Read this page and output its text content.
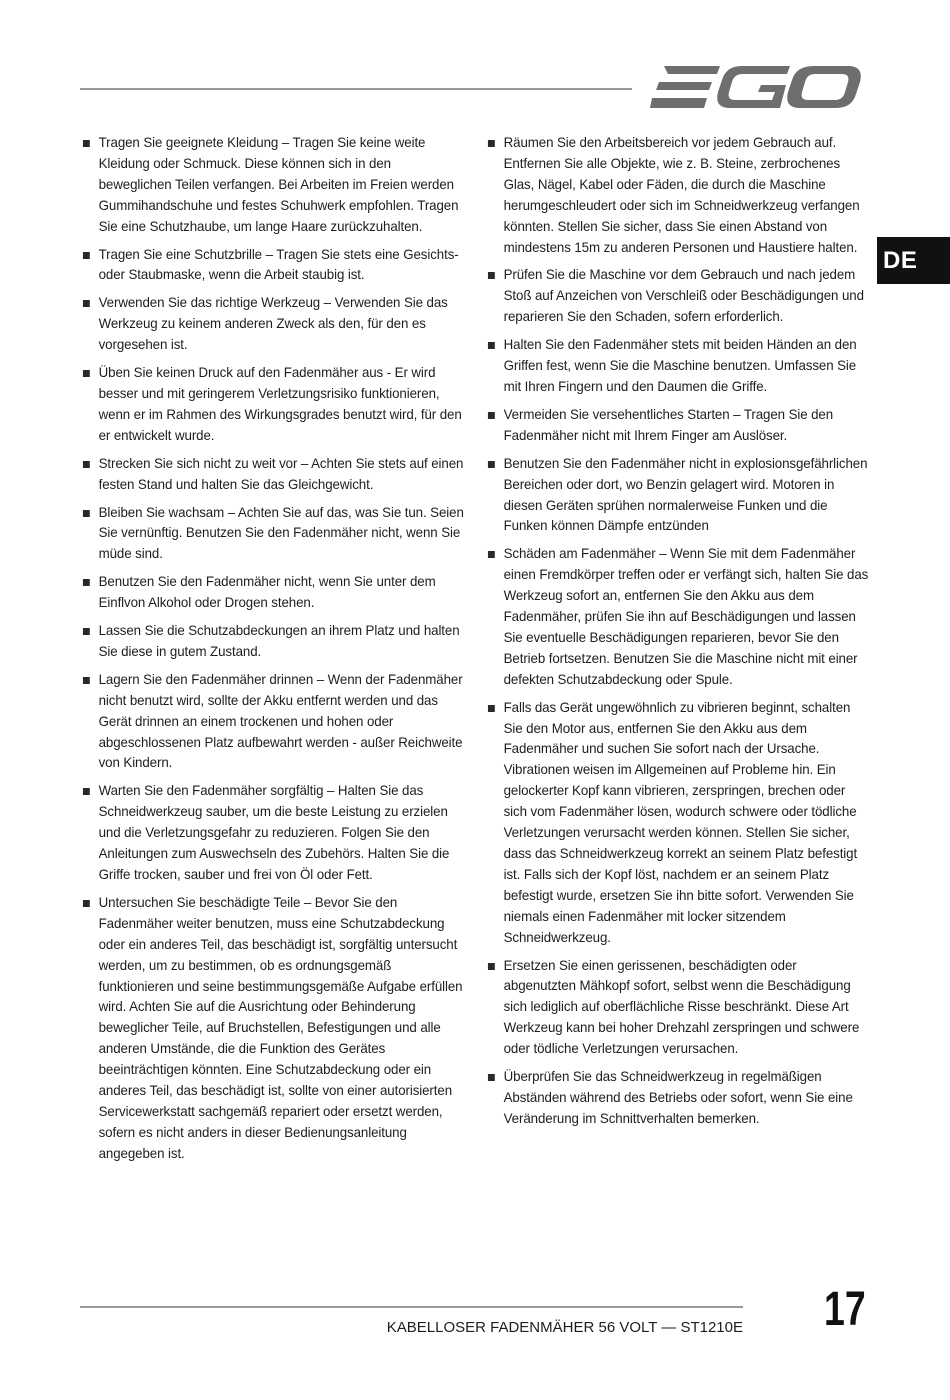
DE
Tragen Sie geeignete Kleidung – Tragen Sie keine weite Kleidung oder Schmuck. Diese können sich in den beweglichen Teilen verfangen. Bei Arbeiten im Freien werden Gummihandschuhe und festes Schuhwerk empfohlen. Tragen Sie eine Schutzhaube, um lange Haare zurückzuhalten.
Tragen Sie eine Schutzbrille – Tragen Sie stets eine Gesichts- oder Staubmaske, wenn die Arbeit staubig ist.
Verwenden Sie das richtige Werkzeug – Verwenden Sie das Werkzeug zu keinem anderen Zweck als den, für den es vorgesehen ist.
Üben Sie keinen Druck auf den Fadenmäher aus - Er wird besser und mit geringerem Verletzungsrisiko funktionieren, wenn er im Rahmen des Wirkungsgrades benutzt wird, für den er entwickelt wurde.
Strecken Sie sich nicht zu weit vor – Achten Sie stets auf einen festen Stand und halten Sie das Gleichgewicht.
Bleiben Sie wachsam – Achten Sie auf das, was Sie tun. Seien Sie vernünftig. Benutzen Sie den Fadenmäher nicht, wenn Sie müde sind.
Benutzen Sie den Fadenmäher nicht, wenn Sie unter dem Einflvon Alkohol oder Drogen stehen.
Lassen Sie die Schutzabdeckungen an ihrem Platz und halten Sie diese in gutem Zustand.
Lagern Sie den Fadenmäher drinnen – Wenn der Fadenmäher nicht benutzt wird, sollte der Akku entfernt werden und das Gerät drinnen an einem trockenen und hohen oder abgeschlossenen Platz aufbewahrt werden - außer Reichweite von Kindern.
Warten Sie den Fadenmäher sorgfältig – Halten Sie das Schneidwerkzeug sauber, um die beste Leistung zu erzielen und die Verletzungsgefahr zu reduzieren. Folgen Sie den Anleitungen zum Auswechseln des Zubehörs. Halten Sie die Griffe trocken, sauber und frei von Öl oder Fett.
Untersuchen Sie beschädigte Teile – Bevor Sie den Fadenmäher weiter benutzen, muss eine Schutzabdeckung oder ein anderes Teil, das beschädigt ist, sorgfältig untersucht werden, um zu bestimmen, ob es ordnungsgemäß funktionieren und seine bestimmungsgemäße Aufgabe erfüllen wird. Achten Sie auf die Ausrichtung oder Behinderung beweglicher Teile, auf Bruchstellen, Befestigungen und alle anderen Umstände, die die Funktion des Gerätes beeinträchtigen könnten. Eine Schutzabdeckung oder ein anderes Teil, das beschädigt ist, sollte von einer autorisierten Servicewerkstatt sachgemäß repariert oder ersetzt werden, sofern es nicht anders in dieser Bedienungsanleitung angegeben ist.
Räumen Sie den Arbeitsbereich vor jedem Gebrauch auf. Entfernen Sie alle Objekte, wie z. B. Steine, zerbrochenes Glas, Nägel, Kabel oder Fäden, die durch die Maschine herumgeschleudert oder sich im Schneidwerkzeug verfangen könnten. Stellen Sie sicher, dass Sie einen Abstand von mindestens 15m zu anderen Personen und Haustiere halten.
Prüfen Sie die Maschine vor dem Gebrauch und nach jedem Stoß auf Anzeichen von Verschleiß oder Beschädigungen und reparieren Sie den Schaden, sofern erforderlich.
Halten Sie den Fadenmäher stets mit beiden Händen an den Griffen fest, wenn Sie die Maschine benutzen. Umfassen Sie mit Ihren Fingern und den Daumen die Griffe.
Vermeiden Sie versehentliches Starten – Tragen Sie den Fadenmäher nicht mit Ihrem Finger am Auslöser.
Benutzen Sie den Fadenmäher nicht in explosionsgefährlichen Bereichen oder dort, wo Benzin gelagert wird. Motoren in diesen Geräten sprühen normalerweise Funken und die Funken können Dämpfe entzünden
Schäden am Fadenmäher – Wenn Sie mit dem Fadenmäher einen Fremdkörper treffen oder er verfängt sich, halten Sie das Werkzeug sofort an, entfernen Sie den Akku aus dem Fadenmäher, prüfen Sie ihn auf Beschädigungen und lassen Sie eventuelle Beschädigungen reparieren, bevor Sie den Betrieb fortsetzen. Benutzen Sie die Maschine nicht mit einer defekten Schutzabdeckung oder Spule.
Falls das Gerät ungewöhnlich zu vibrieren beginnt, schalten Sie den Motor aus, entfernen Sie den Akku aus dem Fadenmäher und suchen Sie sofort nach der Ursache. Vibrationen weisen im Allgemeinen auf Probleme hin. Ein gelockerter Kopf kann vibrieren, zerspringen, brechen oder sich vom Fadenmäher lösen, wodurch schwere oder tödliche Verletzungen verursacht werden können. Stellen Sie sicher, dass das Schneidwerkzeug korrekt an seinem Platz befestigt ist. Falls sich der Kopf löst, nachdem er an seinem Platz befestigt wurde, ersetzen Sie ihn bitte sofort. Verwenden Sie niemals einen Fadenmäher mit locker sitzendem Schneidwerkzeug.
Ersetzen Sie einen gerissenen, beschädigten oder abgenutzten Mähkopf sofort, selbst wenn die Beschädigung sich lediglich auf oberflächliche Risse beschränkt. Diese Art Werkzeug kann bei hoher Drehzahl zerspringen und schwere oder tödliche Verletzungen verursachen.
Überprüfen Sie das Schneidwerkzeug in regelmäßigen Abständen während des Betriebs oder sofort, wenn Sie eine Veränderung im Schnittverhalten bemerken.
KABELLOSER FADENMÄHER 56 VOLT — ST1210E 17
